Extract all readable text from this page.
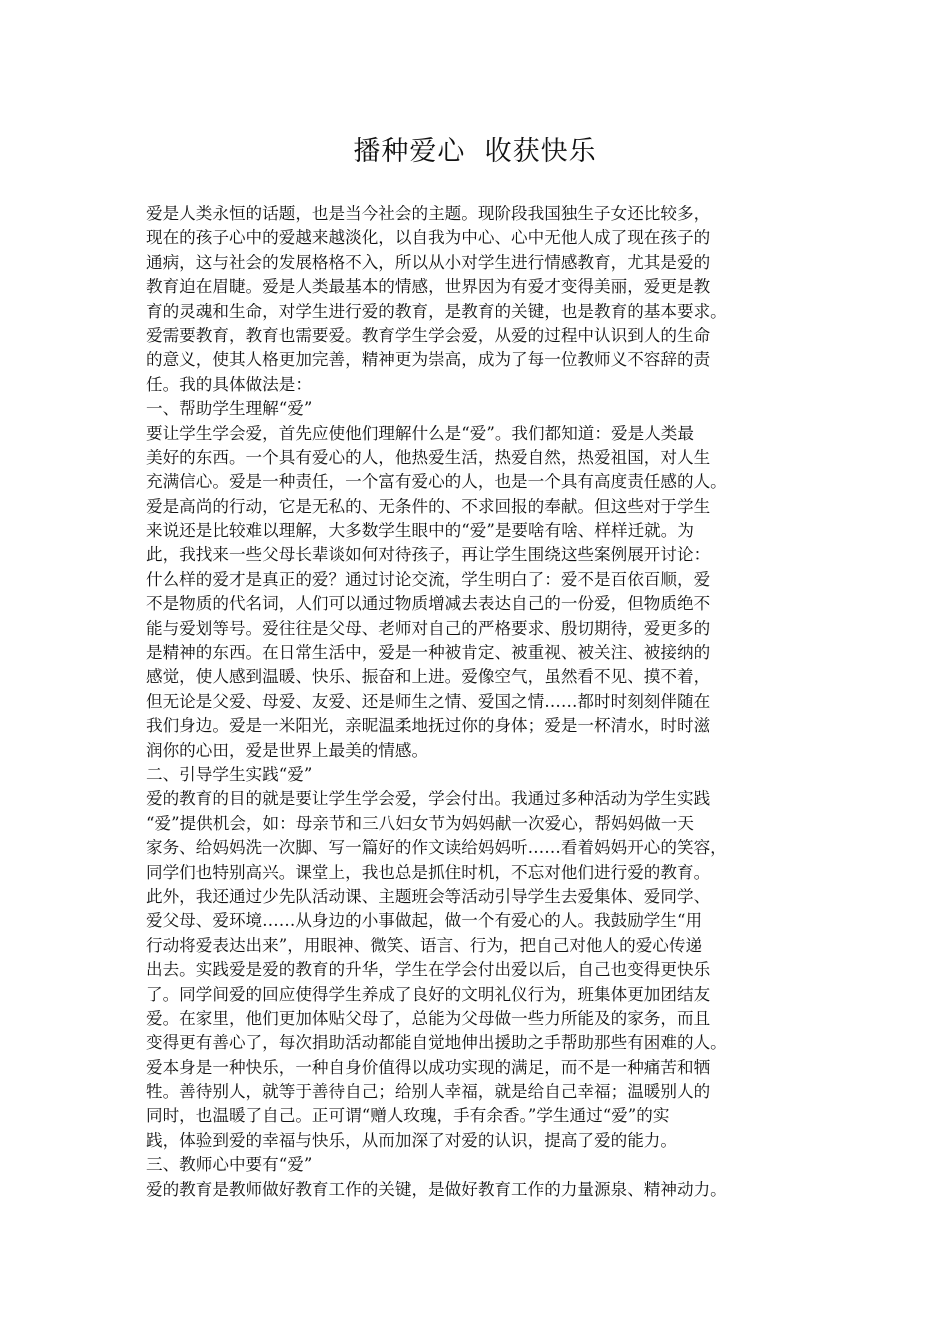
播种爱心  收获快乐

爱是人类永恒的话题，也是当今社会的主题。现阶段我国独生子女还比较多，

现在的孩子心中的爱越来越淡化，以自我为中心、心中无他人成了现在孩子的

通病，这与社会的发展格格不入，所以从小对学生进行情感教育，尤其是爱的

教育迫在眉睫。爱是人类最基本的情感，世界因为有爱才变得美丽，爱更是教

育的灵魂和生命，对学生进行爱的教育，是教育的关键，也是教育的基本要求。

爱需要教育，教育也需要爱。教育学生学会爱，从爱的过程中认识到人的生命

的意义，使其人格更加完善，精神更为崇高，成为了每一位教师义不容辞的责

任。我的具体做法是：

一、帮助学生理解“爱”

要让学生学会爱，首先应使他们理解什么是“爱”。我们都知道：爱是人类最

美好的东西。一个具有爱心的人，他热爱生活，热爱自然，热爱祖国，对人生

充满信心。爱是一种责任，一个富有爱心的人，也是一个具有高度责任感的人。

爱是高尚的行动，它是无私的、无条件的、不求回报的奉献。但这些对于学生

来说还是比较难以理解，大多数学生眼中的“爱”是要啥有啥、样样迁就。为

此，我找来一些父母长辈谈如何对待孩子，再让学生围绕这些案例展开讨论：

什么样的爱才是真正的爱？通过讨论交流，学生明白了：爱不是百依百顺，爱

不是物质的代名词，人们可以通过物质增减去表达自己的一份爱，但物质绝不

能与爱划等号。爱往往是父母、老师对自己的严格要求、殷切期待，爱更多的

是精神的东西。在日常生活中，爱是一种被肯定、被重视、被关注、被接纳的

感觉，使人感到温暖、快乐、振奋和上进。爱像空气，虽然看不见、摸不着，

但无论是父爱、母爱、友爱、还是师生之情、爱国之情……都时时刻刻伴随在

我们身边。爱是一米阳光，亲昵温柔地抚过你的身体；爱是一杯清水，时时滋

润你的心田，爱是世界上最美的情感。

二、引导学生实践“爱”

爱的教育的目的就是要让学生学会爱，学会付出。我通过多种活动为学生实践

“爱”提供机会，如：母亲节和三八妇女节为妈妈献一次爱心，帮妈妈做一天

家务、给妈妈洗一次脚、写一篇好的作文读给妈妈听……看着妈妈开心的笑容，

同学们也特别高兴。课堂上，我也总是抓住时机，不忘对他们进行爱的教育。

此外，我还通过少先队活动课、主题班会等活动引导学生去爱集体、爱同学、

爱父母、爱环境……从身边的小事做起，做一个有爱心的人。我鼓励学生“用

行动将爱表达出来”，用眼神、微笑、语言、行为，把自己对他人的爱心传递

出去。实践爱是爱的教育的升华，学生在学会付出爱以后，自己也变得更快乐

了。同学间爱的回应使得学生养成了良好的文明礼仪行为，班集体更加团结友

爱。在家里，他们更加体贴父母了，总能为父母做一些力所能及的家务，而且

变得更有善心了，每次捐助活动都能自觉地伸出援助之手帮助那些有困难的人。

爱本身是一种快乐，一种自身价值得以成功实现的满足，而不是一种痛苦和牺

牲。善待别人，就等于善待自己；给别人幸福，就是给自己幸福；温暖别人的

同时，也温暖了自己。正可谓“赠人玫瑰，手有余香。”学生通过“爱”的实

践，体验到爱的幸福与快乐，从而加深了对爱的认识，提高了爱的能力。

三、教师心中要有“爱”

爱的教育是教师做好教育工作的关键，是做好教育工作的力量源泉、精神动力。
